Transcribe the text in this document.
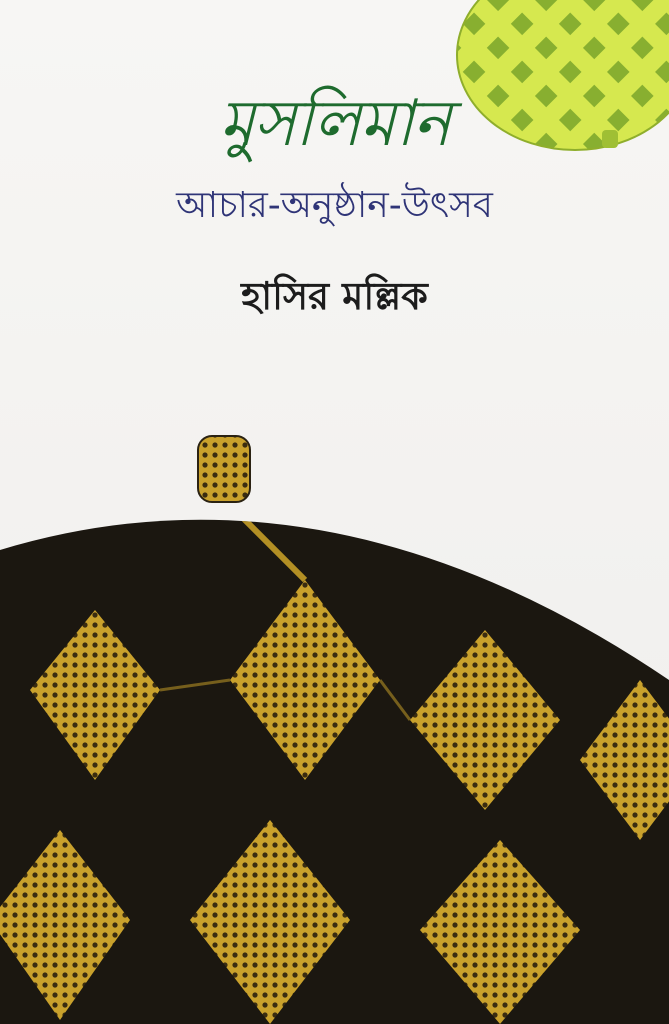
মুসলিমান
আচার-অনুষ্ঠান-উৎসব
হাসির মল্লিক
